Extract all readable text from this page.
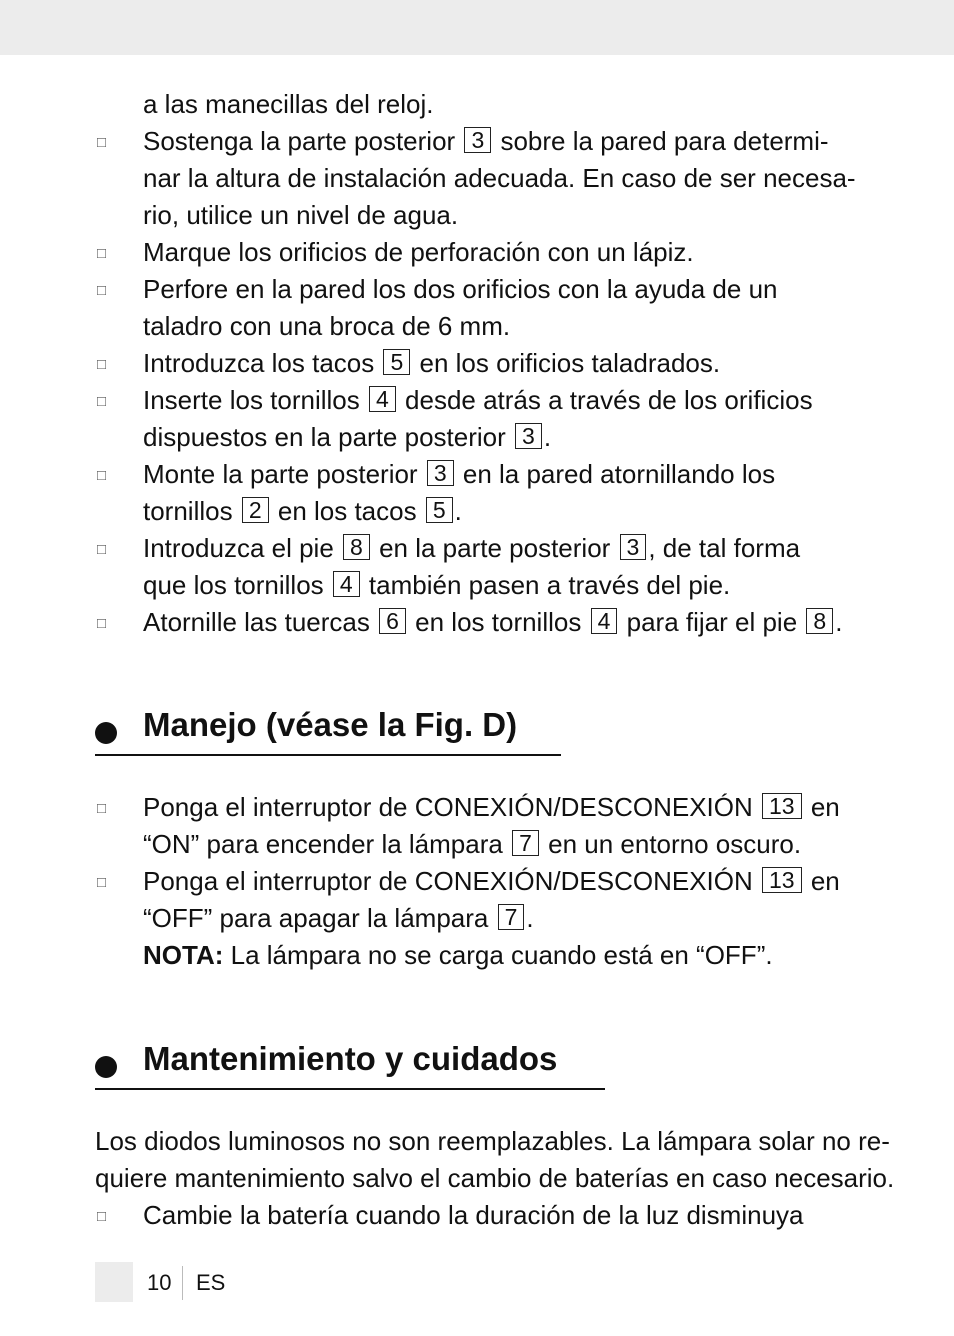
a las manecillas del reloj.
□
Sostenga la parte posterior 3 sobre la pared para determi-
nar la altura de instalación adecuada. En caso de ser necesa-
rio, utilice un nivel de agua.
□
Marque los orificios de perforación con un lápiz.
□
Perfore en la pared los dos orificios con la ayuda de un
taladro con una broca de 6 mm.
□
Introduzca los tacos 5 en los orificios taladrados.
□
Inserte los tornillos 4 desde atrás a través de los orificios
dispuestos en la parte posterior 3 .
□
Monte la parte posterior 3 en la pared atornillando los
tornillos 2 en los tacos 5 .
□
Introduzca el pie 8 en la parte posterior 3 , de tal forma
que los tornillos 4 también pasen a través del pie.
□
Atornille las tuercas 6 en los tornillos 4 para fijar el pie 8 .
Manejo (véase la Fig. D)
□
Ponga el interruptor de CONEXIÓN/DESCONEXIÓN 13 en
“ON” para encender la lámpara 7 en un entorno oscuro.
□
Ponga el interruptor de CONEXIÓN/DESCONEXIÓN 13 en
“OFF” para apagar la lámpara 7 .
NOTA: La lámpara no se carga cuando está en “OFF”.
Mantenimiento y cuidados
Los diodos luminosos no son reemplazables. La lámpara solar no re-
quiere mantenimiento salvo el cambio de baterías en caso necesario.
□
Cambie la batería cuando la duración de la luz disminuya
10 ES
